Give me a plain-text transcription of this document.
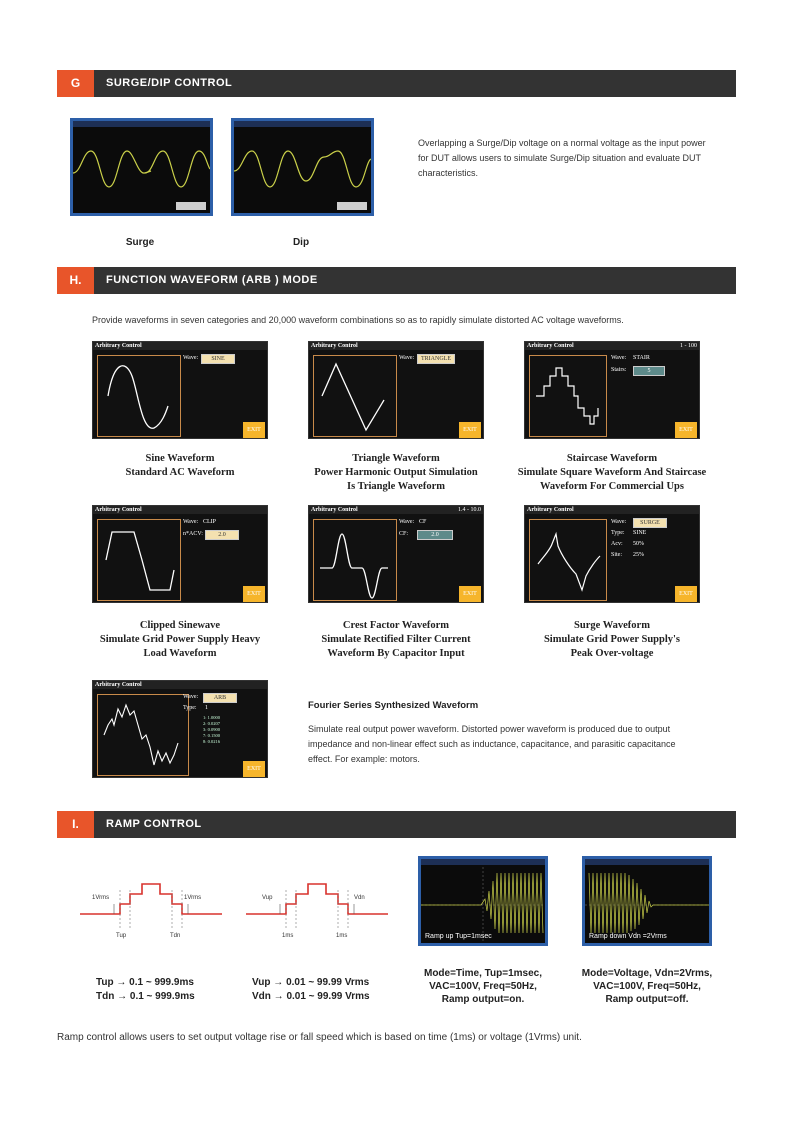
G	SURGE/DIP CONTROL
Surge	Dip
Overlapping a Surge/Dip voltage on a normal voltage as the input power for DUT allows users to simulate Surge/Dip situation and evaluate DUT characteristics.
H.	FUNCTION WAVEFORM (ARB ) MODE
Provide waveforms in seven categories and 20,000 waveform combinations so as to rapidly simulate distorted AC voltage waveforms.
Arbitrary Control
Wave:	SINE
EXIT
Sine Waveform
Standard AC Waveform
Arbitrary Control
Wave:	TRIANGLE
EXIT
Triangle Waveform
Power Harmonic Output Simulation
Is Triangle Waveform
Arbitrary Control	1 - 100
Wave: STAIR
Stairs:	5
EXIT
Staircase Waveform
Simulate Square Waveform And Staircase
Waveform For Commercial Ups
Arbitrary Control
Wave: CLIP
n*ACV:	2.0
EXIT
Clipped Sinewave
Simulate Grid Power Supply Heavy
Load Waveform
Arbitrary Control	1.4 - 10.0
Wave: CF
CF:	2.0
EXIT
Crest Factor Waveform
Simulate Rectified Filter Current
Waveform By Capacitor Input
Arbitrary Control
Wave:	SURGE
Type: SINE
Acv: 50%
Site: 25%
EXIT
Surge Waveform
Simulate Grid Power Supply's
Peak Over-voltage
Arbitrary Control
Wave:	ARB
Type: 1
1: 1.0000
2: 0.0207
3: 0.0900
7: 0.1500
8: 0.0216
EXIT
Fourier Series Synthesized Waveform
Simulate real output power waveform. Distorted power waveform is produced due to output impedance and non-linear effect such as inductance, capacitance, and parasitic capacitance effect. For example: motors.
I.	RAMP CONTROL
1Vrms	1Vrms
Tup	Tdn
Vup	Vdn
1ms	1ms	Ramp up Tup=1msec	Ramp down Vdn =2Vrms
Tup → 0.1 ~ 999.9ms
Tdn → 0.1 ~ 999.9ms
Vup → 0.01 ~ 99.99 Vrms
Vdn → 0.01 ~ 99.99 Vrms
Mode=Time, Tup=1msec,
VAC=100V, Freq=50Hz,
Ramp output=on.
Mode=Voltage, Vdn=2Vrms,
VAC=100V, Freq=50Hz,
Ramp output=off.
Ramp control allows users to set output voltage rise or fall speed which is based on time (1ms) or voltage (1Vrms) unit.
